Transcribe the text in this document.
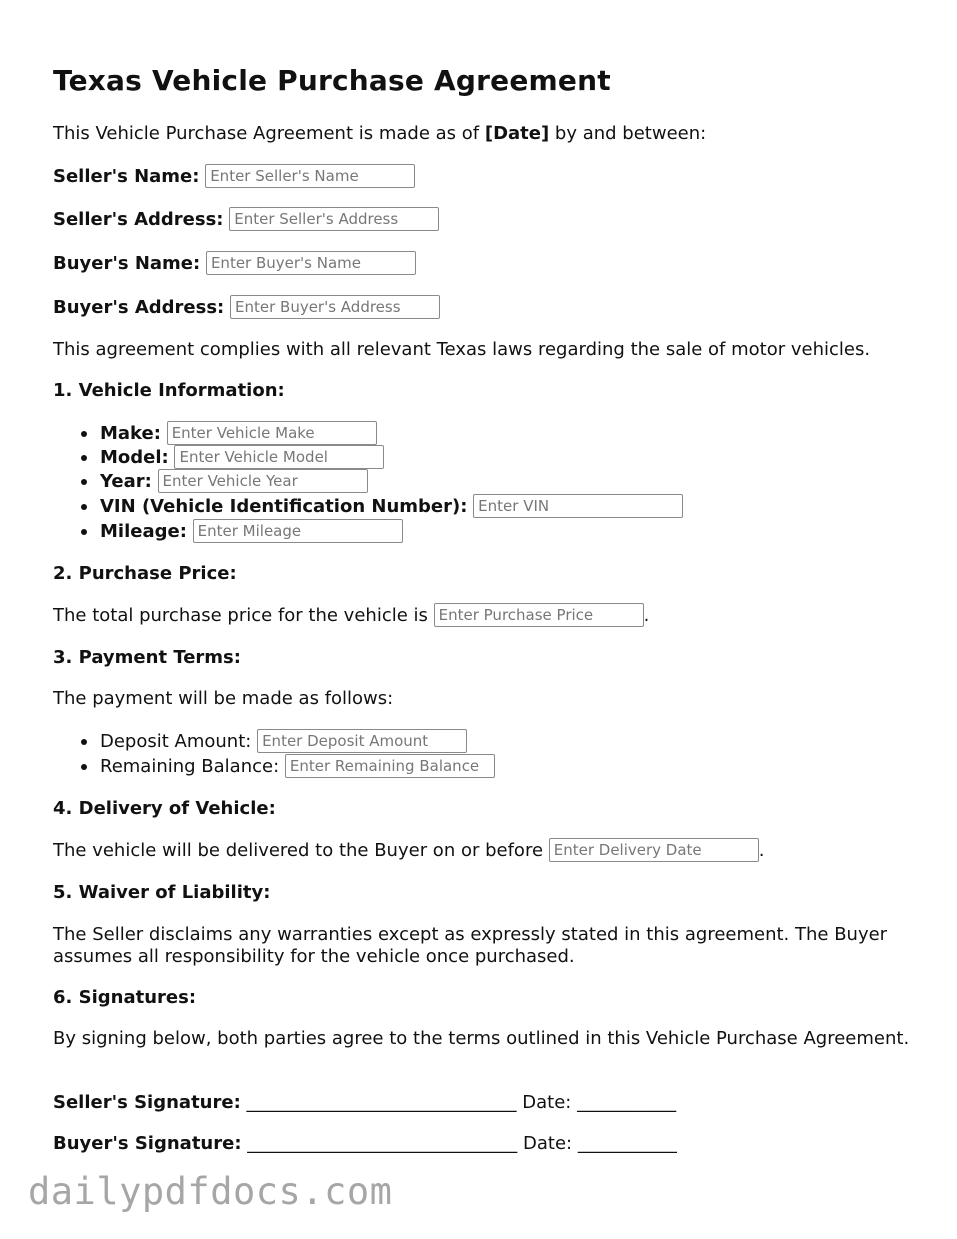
Texas Vehicle Purchase Agreement
This Vehicle Purchase Agreement is made as of [Date] by and between:
Seller's Name: Enter Seller's Name
Seller's Address: Enter Seller's Address
Buyer's Name: Enter Buyer's Name
Buyer's Address: Enter Buyer's Address
This agreement complies with all relevant Texas laws regarding the sale of motor vehicles.
1. Vehicle Information:
Make: Enter Vehicle Make
Model: Enter Vehicle Model
Year: Enter Vehicle Year
VIN (Vehicle Identification Number): Enter VIN
Mileage: Enter Mileage
2. Purchase Price:
The total purchase price for the vehicle is Enter Purchase Price	.
3. Payment Terms:
The payment will be made as follows:
Deposit Amount: Enter Deposit Amount
Remaining Balance: Enter Remaining Balance
4. Delivery of Vehicle:
The vehicle will be delivered to the Buyer on or before Enter Delivery Date	.
5. Waiver of Liability:
The Seller disclaims any warranties except as expressly stated in this agreement. The Buyer assumes all responsibility for the vehicle once purchased.
6. Signatures:
By signing below, both parties agree to the terms outlined in this Vehicle Purchase Agreement.
Seller's Signature: ______________________________ Date: ___________
Buyer's Signature: ______________________________ Date: ___________
dailypdfdocs.com
